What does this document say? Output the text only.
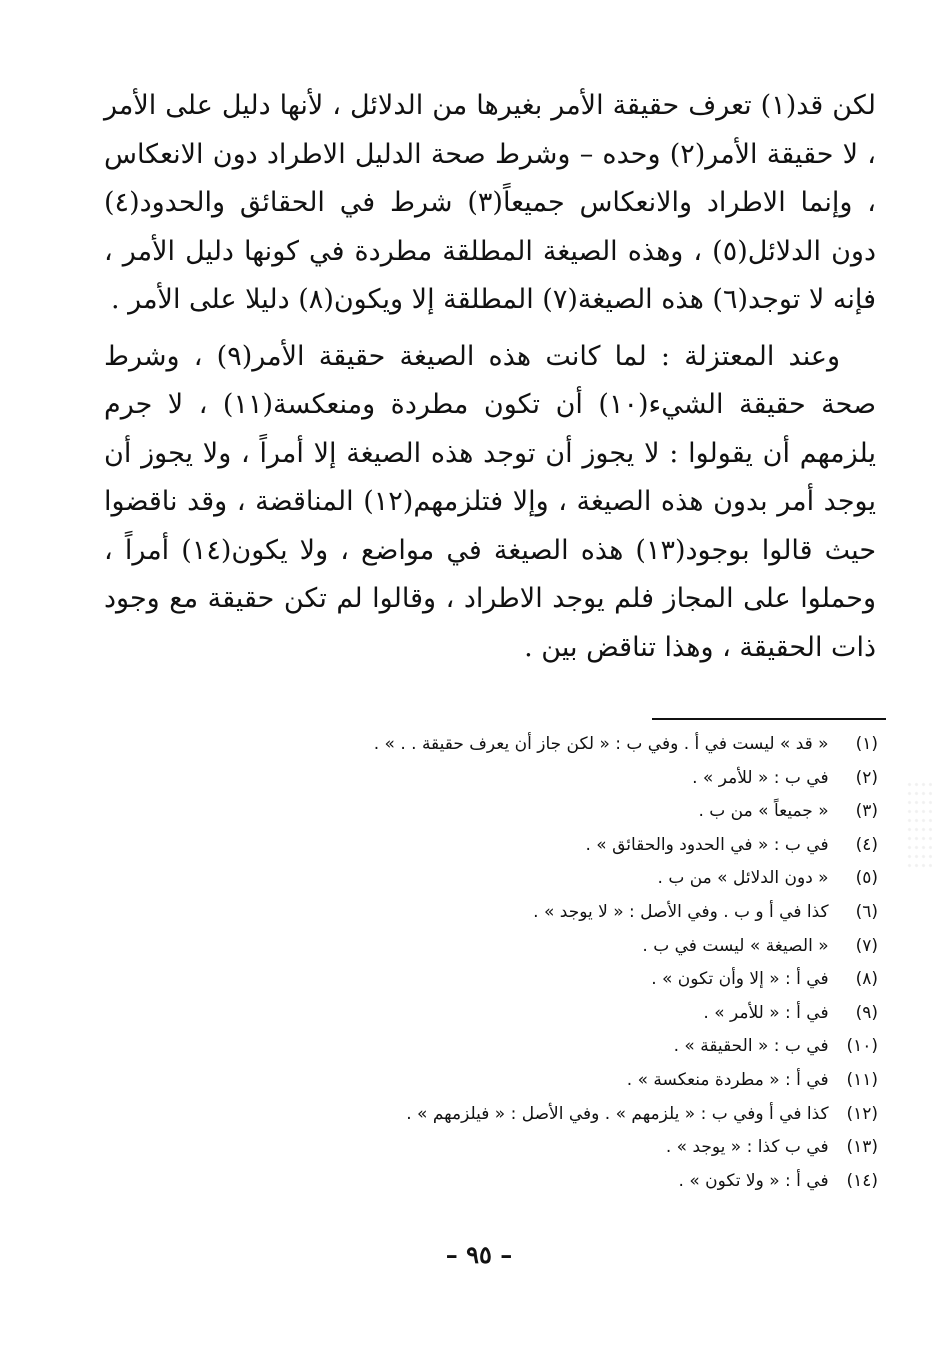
لكن قد(١) تعرف حقيقة الأمر بغيرها من الدلائل ، لأنها دليل على الأمر ، لا حقيقة الأمر(٢) وحده – وشرط صحة الدليل الاطراد دون الانعكاس ، وإنما الاطراد والانعكاس جميعاً(٣) شرط في الحقائق والحدود(٤) دون الدلائل(٥) ، وهذه الصيغة المطلقة مطردة في كونها دليل الأمر ، فإنه لا توجد(٦) هذه الصيغة(٧) المطلقة إلا ويكون(٨) دليلا على الأمر .

وعند المعتزلة : لما كانت هذه الصيغة حقيقة الأمر(٩) ، وشرط صحة حقيقة الشيء(١٠) أن تكون مطردة ومنعكسة(١١) ، لا جرم يلزمهم أن يقولوا : لا يجوز أن توجد هذه الصيغة إلا أمراً ، ولا يجوز أن يوجد أمر بدون هذه الصيغة ، وإلا فتلزمهم(١٢) المناقضة ، وقد ناقضوا حيث قالوا بوجود(١٣) هذه الصيغة في مواضع ، ولا يكون(١٤) أمراً ، وحملوا على المجاز فلم يوجد الاطراد ، وقالوا لم تكن حقيقة مع وجود ذات الحقيقة ، وهذا تناقض بين .

(١) « قد » ليست في أ . وفي ب : « لكن جاز أن يعرف حقيقة . . » .
(٢) في ب : « للأمر » .
(٣) « جميعاً » من ب .
(٤) في ب : « في الحدود والحقائق » .
(٥) « دون الدلائل » من ب .
(٦) كذا في أ و ب . وفي الأصل : « لا يوجد » .
(٧) « الصيغة » ليست في ب .
(٨) في أ : « إلا وأن تكون » .
(٩) في أ : « للأمر » .
(١٠) في ب : « الحقيقة » .
(١١) في أ : « مطردة منعكسة » .
(١٢) كذا في أ وفي ب : « يلزمهم » . وفي الأصل : « فيلزمهم » .
(١٣) في ب كذا : « يوجد » .
(١٤) في أ : « ولا تكون » .
– ٩٥ –
